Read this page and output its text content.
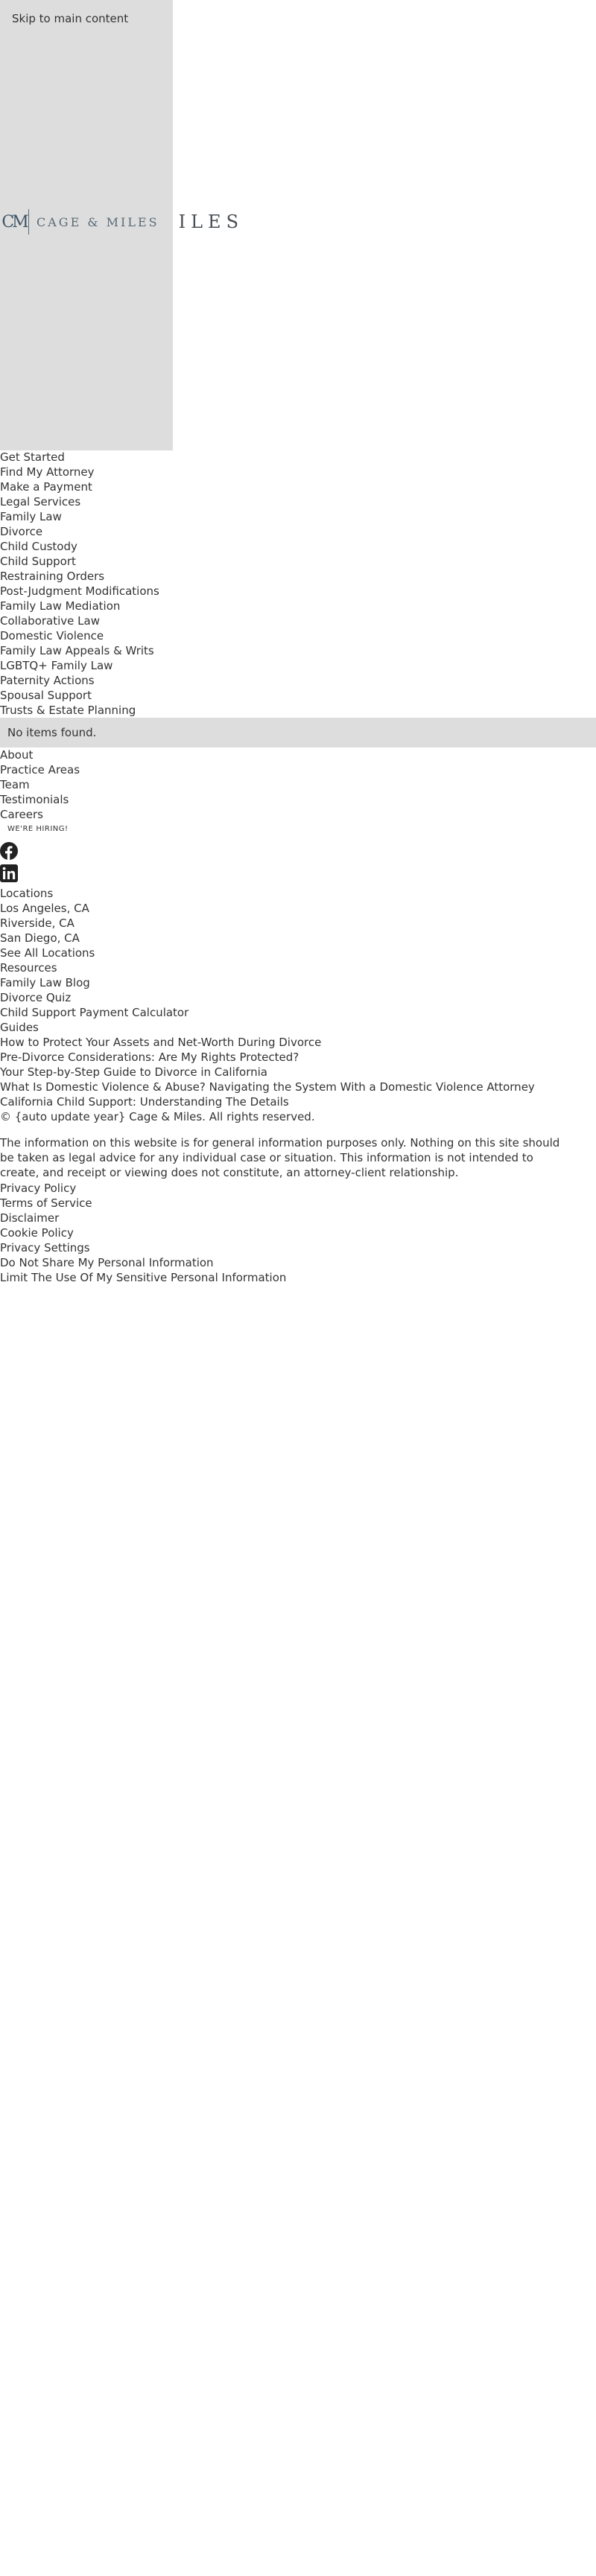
Skip to main content
CM CAGE & MILES ILES
Get Started
Find My Attorney
Make a Payment
Legal Services
Family Law
Divorce
Child Custody
Child Support
Restraining Orders
Post-Judgment Modifications
Family Law Mediation
Collaborative Law
Domestic Violence
Family Law Appeals & Writs
LGBTQ+ Family Law
Paternity Actions
Spousal Support
Trusts & Estate Planning
No items found.
About
Practice Areas
Team
Testimonials
Careers
WE'RE HIRING!
Locations
Los Angeles, CA
Riverside, CA
San Diego, CA
See All Locations
Resources
Family Law Blog
Divorce Quiz
Child Support Payment Calculator
Guides
How to Protect Your Assets and Net-Worth During Divorce
Pre-Divorce Considerations: Are My Rights Protected?
Your Step-by-Step Guide to Divorce in California
What Is Domestic Violence & Abuse? Navigating the System With a Domestic Violence Attorney
California Child Support: Understanding The Details
© {auto update year} Cage & Miles. All rights reserved.

The information on this website is for general information purposes only. Nothing on this site should be taken as legal advice for any individual case or situation. This information is not intended to create, and receipt or viewing does not constitute, an attorney-client relationship.

Privacy Policy
Terms of Service
Disclaimer
Cookie Policy
Privacy Settings
Do Not Share My Personal Information
Limit The Use Of My Sensitive Personal Information
